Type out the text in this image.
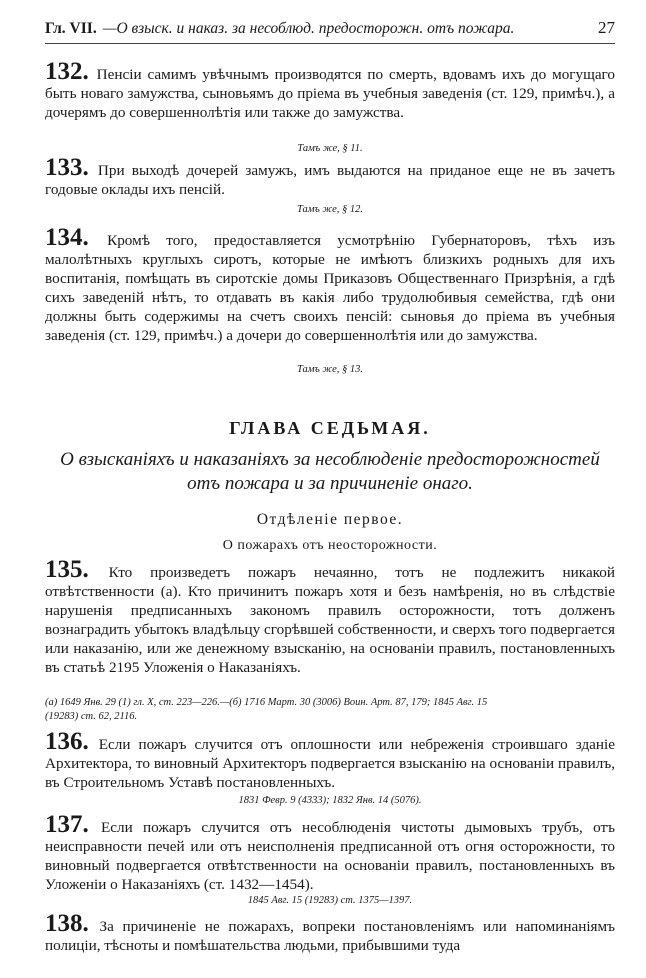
Гл. VII. —О взыск. и наказ. за несоблюд. предосторожн. отъ пожара.	27
132. Пенсіи самимъ увѣчнымъ производятся по смерть, вдовамъ ихъ до могущаго быть новаго замужства, сыновьямъ до пріема въ учебныя заведенія (ст. 129, примѣч.), а дочерямъ до совершеннолѣтія или также до замужства.
Тамъ же, § 11.
133. При выходѣ дочерей замужъ, имъ выдаются на приданое еще не въ зачетъ годовые оклады ихъ пенсій.
Тамъ же, § 12.
134. Кромѣ того, предоставляется усмотрѣнію Губернаторовъ, тѣхъ изъ малолѣтныхъ круглыхъ сиротъ, которые не имѣютъ близкихъ родныхъ для ихъ воспитанія, помѣщать въ сиротскіе домы Приказовъ Общественнаго Призрѣнія, а гдѣ сихъ заведеній нѣтъ, то отдавать въ какія либо трудолюбивыя семейства, гдѣ они должны быть содержимы на счетъ своихъ пенсій: сыновья до пріема въ учебныя заведенія (ст. 129, примѣч.) а дочери до совершеннолѣтія или до замужства.
Тамъ же, § 13.
ГЛАВА СЕДЬМАЯ.
О взысканіяхъ и наказаніяхъ за несоблюденіе предосторожностей
отъ пожара и за причиненіе онаго.
Отдѣленіе первое.
О пожарахъ отъ неосторожности.
135. Кто произведетъ пожаръ нечаянно, тотъ не подлежитъ никакой отвѣтственности (а). Кто причинитъ пожаръ хотя и безъ намѣренія, но въ слѣдствіе нарушенія предписанныхъ закономъ правилъ осторожности, тотъ долженъ вознаградить убытокъ владѣльцу сгорѣвшей собственности, и сверхъ того подвергается или наказанію, или же денежному взысканію, на основаніи правилъ, постановленныхъ въ статьѣ 2195 Уложенія о Наказаніяхъ.
(а) 1649 Янв. 29 (1) гл. X, ст. 223—226.—(б) 1716 Март. 30 (3006) Воин. Арт. 87, 179; 1845 Авг. 15
(19283) ст. 62, 2116.
136. Если пожаръ случится отъ оплошности или небреженія строившаго зданіе Архитектора, то виновный Архитекторъ подвергается взысканію на основаніи правилъ, въ Строительномъ Уставѣ постановленныхъ.
1831 Февр. 9 (4333); 1832 Янв. 14 (5076).
137. Если пожаръ случится отъ несоблюденія чистоты дымовыхъ трубъ, отъ неисправности печей или отъ неисполненія предписанной отъ огня осторожности, то виновный подвергается отвѣтственности на основаніи правилъ, постановленныхъ въ Уложеніи о Наказаніяхъ (ст. 1432—1454).
1845 Авг. 15 (19283) ст. 1375—1397.
138. За причиненіе не пожарахъ, вопреки постановленіямъ или напоминаніямъ полиціи, тѣсноты и помѣшательства людьми, прибывшими туда
